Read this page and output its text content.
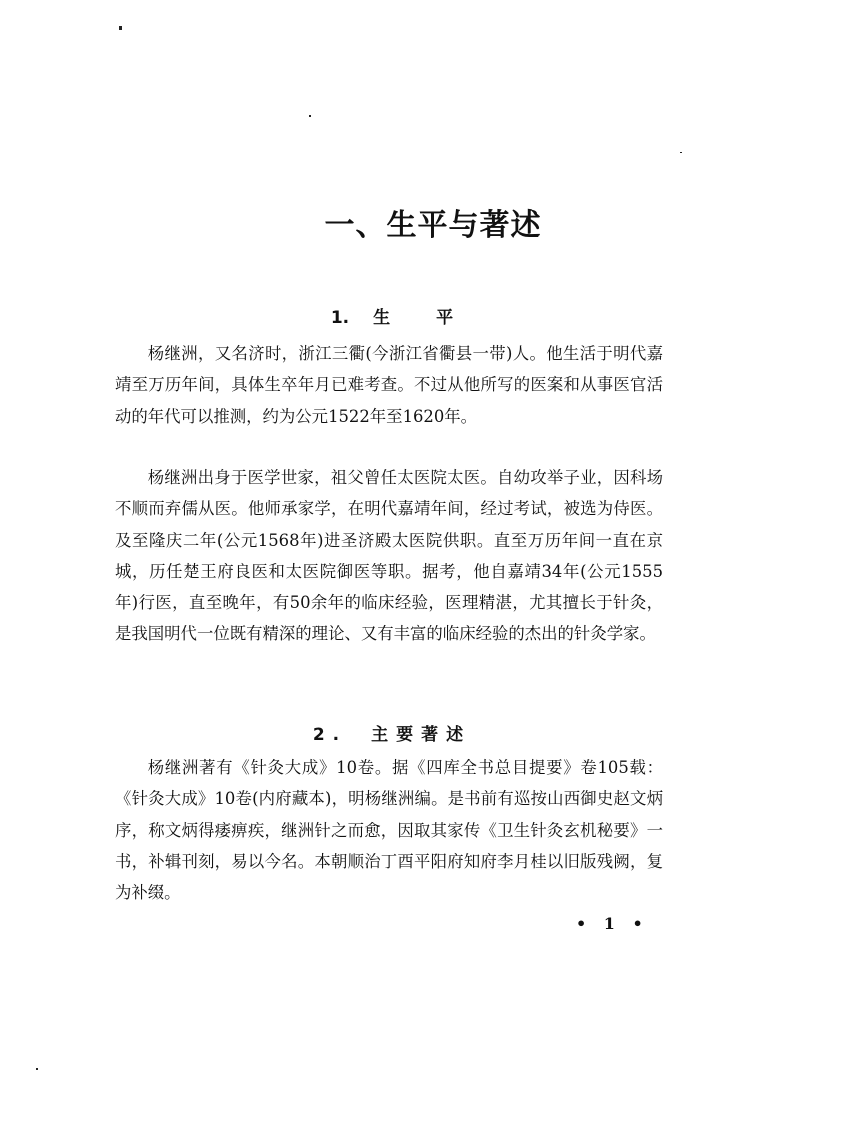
一、生平与著述
1. 生	平

杨继洲，又名济时，浙江三衢(今浙江省衢县一带)人。他生活于明代嘉靖至万历年间，具体生卒年月已难考查。不过从他所写的医案和从事医官活动的年代可以推测，约为公元1522年至1620年。

杨继洲出身于医学世家，祖父曾任太医院太医。自幼攻举子业，因科场不顺而弃儒从医。他师承家学，在明代嘉靖年间，经过考试，被选为侍医。及至隆庆二年(公元1568年)进圣济殿太医院供职。直至万历年间一直在京城，历任楚王府良医和太医院御医等职。据考，他自嘉靖34年(公元1555年)行医，直至晚年，有50余年的临床经验，医理精湛，尤其擅长于针灸，是我国明代一位既有精深的理论、又有丰富的临床经验的杰出的针灸学家。

2. 主要著述

杨继洲著有《针灸大成》10卷。据《四库全书总目提要》卷105载：《针灸大成》10卷(内府藏本)，明杨继洲编。是书前有巡按山西御史赵文炳序，称文炳得痿痹疾，继洲针之而愈，因取其家传《卫生针灸玄机秘要》一书，补辑刊刻，易以今名。本朝顺治丁酉平阳府知府李月桂以旧版残阙，复为补缀。

• 1 •
